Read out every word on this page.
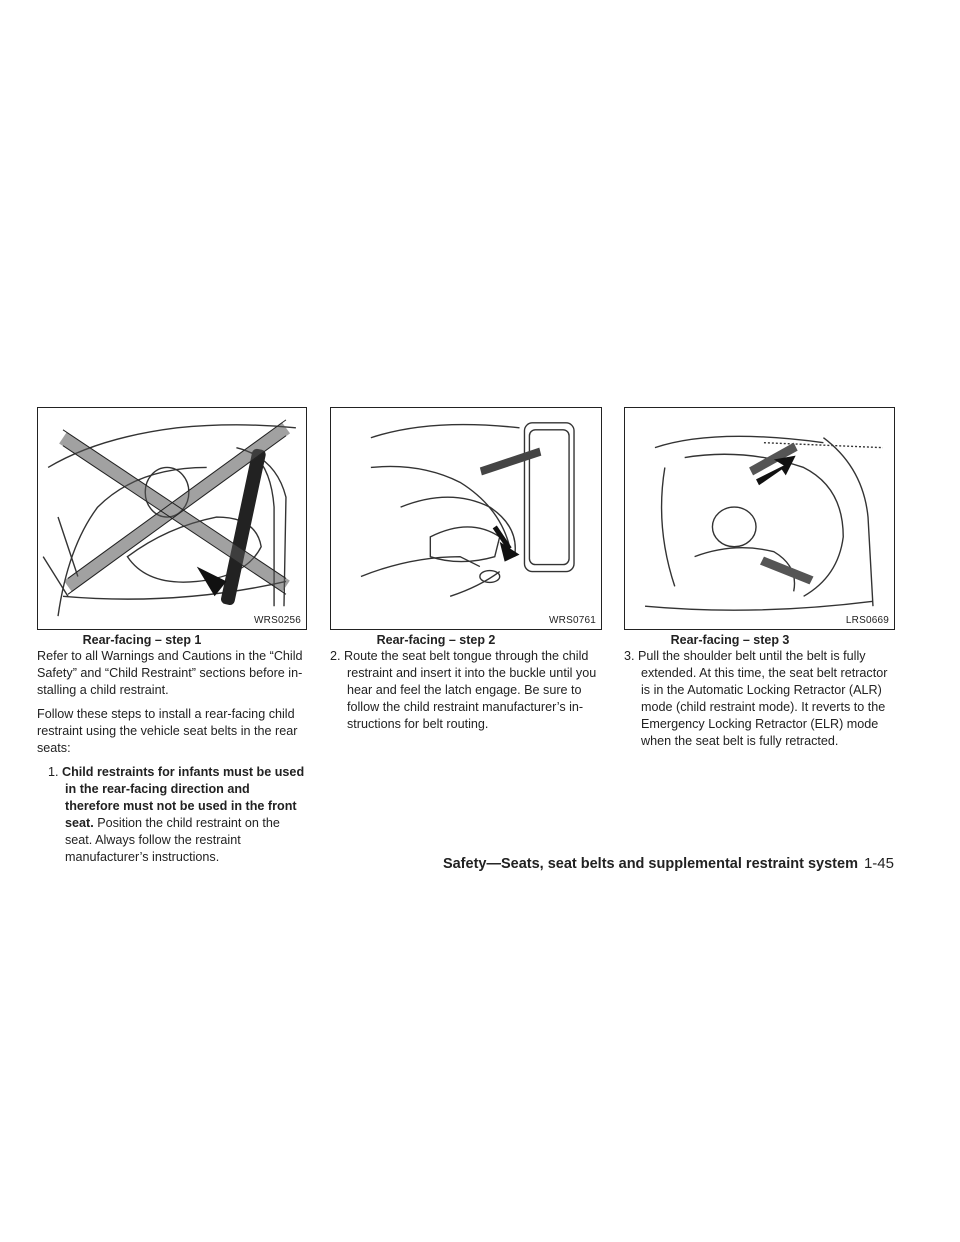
WRS0256	WRS0761	LRS0669
Rear-facing – step 1	Rear-facing – step 2	Rear-facing – step 3

Refer to all Warnings and Cautions in the “Child Safety” and “Child Restraint” sections before in- stalling a child restraint.

Follow these steps to install a rear-facing child restraint using the vehicle seat belts in the rear seats:

1. Child restraints for infants must be used in the rear-facing direction and therefore must not be used in the front seat. Position the child restraint on the seat. Always follow the restraint manufacturer’s instructions.

2. Route the seat belt tongue through the child restraint and insert it into the buckle until you hear and feel the latch engage. Be sure to follow the child restraint manufacturer’s in- structions for belt routing.

3. Pull the shoulder belt until the belt is fully extended. At this time, the seat belt retractor is in the Automatic Locking Retractor (ALR) mode (child restraint mode). It reverts to the Emergency Locking Retractor (ELR) mode when the seat belt is fully retracted.

Safety—Seats, seat belts and supplemental restraint system 1-45
